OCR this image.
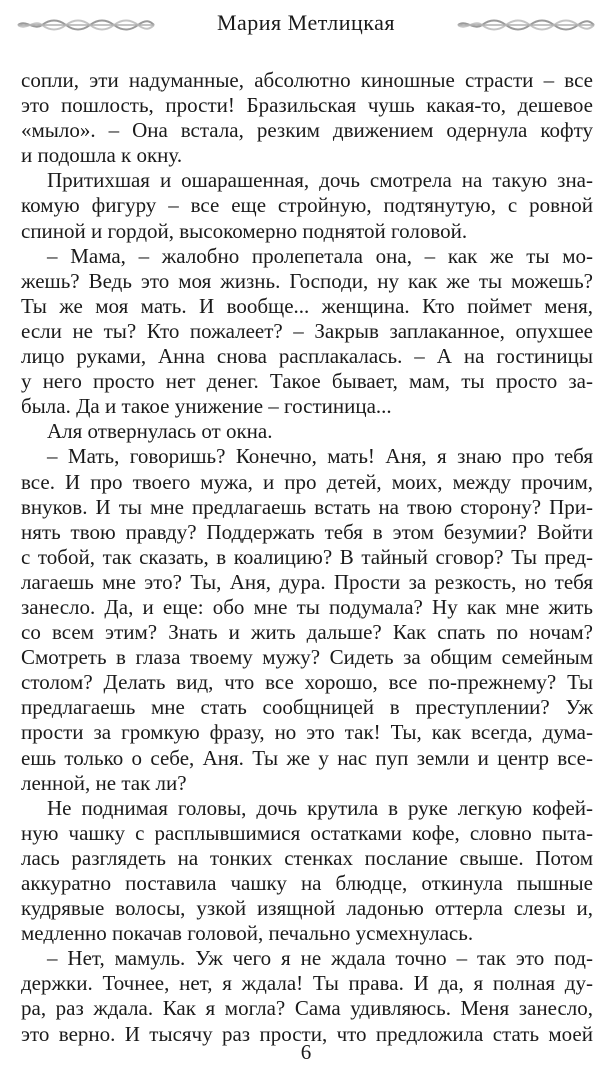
Мария Метлицкая
сопли, эти надуманные, абсолютно киношные страсти – все
это пошлость, прости! Бразильская чушь какая-то, дешевое
«мыло». – Она встала, резким движением одернула кофту
и подошла к окну.
Притихшая и ошарашенная, дочь смотрела на такую зна-
комую фигуру – все еще стройную, подтянутую, с ровной
спиной и гордой, высокомерно поднятой головой.
– Мама, – жалобно пролепетала она, – как же ты мо-
жешь? Ведь это моя жизнь. Господи, ну как же ты можешь?
Ты же моя мать. И вообще... женщина. Кто поймет меня,
если не ты? Кто пожалеет? – Закрыв заплаканное, опухшее
лицо руками, Анна снова расплакалась. – А на гостиницы
у него просто нет денег. Такое бывает, мам, ты просто за-
была. Да и такое унижение – гостиница...
Аля отвернулась от окна.
– Мать, говоришь? Конечно, мать! Аня, я знаю про тебя
все. И про твоего мужа, и про детей, моих, между прочим,
внуков. И ты мне предлагаешь встать на твою сторону? При-
нять твою правду? Поддержать тебя в этом безумии? Войти
с тобой, так сказать, в коалицию? В тайный сговор? Ты пред-
лагаешь мне это? Ты, Аня, дура. Прости за резкость, но тебя
занесло. Да, и еще: обо мне ты подумала? Ну как мне жить
со всем этим? Знать и жить дальше? Как спать по ночам?
Смотреть в глаза твоему мужу? Сидеть за общим семейным
столом? Делать вид, что все хорошо, все по-прежнему? Ты
предлагаешь мне стать сообщницей в преступлении? Уж
прости за громкую фразу, но это так! Ты, как всегда, дума-
ешь только о себе, Аня. Ты же у нас пуп земли и центр все-
ленной, не так ли?
Не поднимая головы, дочь крутила в руке легкую кофей-
ную чашку с расплывшимися остатками кофе, словно пыта-
лась разглядеть на тонких стенках послание свыше. Потом
аккуратно поставила чашку на блюдце, откинула пышные
кудрявые волосы, узкой изящной ладонью оттерла слезы и,
медленно покачав головой, печально усмехнулась.
– Нет, мамуль. Уж чего я не ждала точно – так это под-
держки. Точнее, нет, я ждала! Ты права. И да, я полная ду-
ра, раз ждала. Как я могла? Сама удивляюсь. Меня занесло,
это верно. И тысячу раз прости, что предложила стать моей
6
